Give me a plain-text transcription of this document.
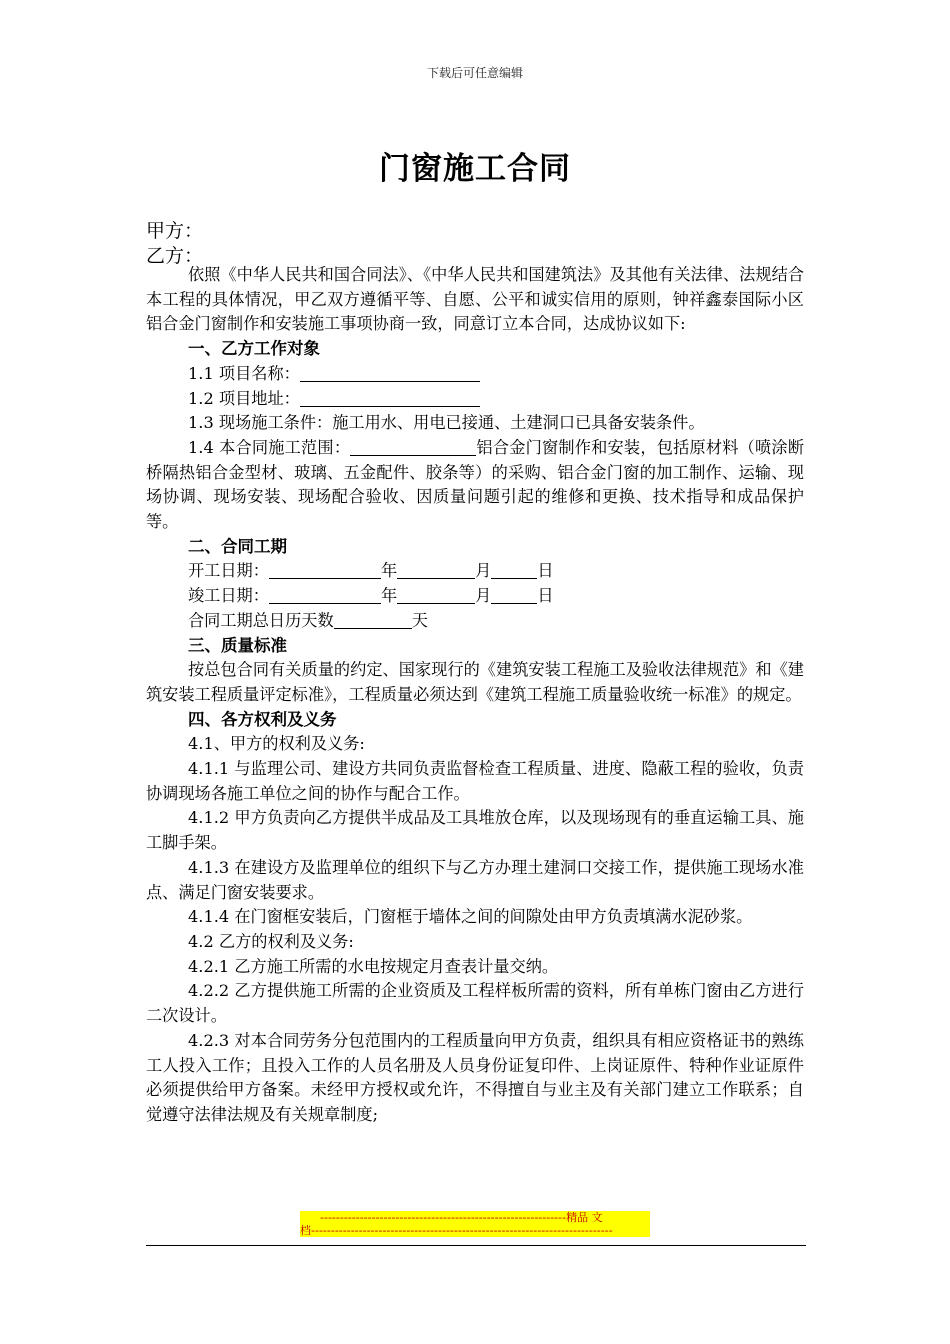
下载后可任意编辑
门窗施工合同
甲方：
乙方：

依照《中华人民共和国合同法》、《中华人民共和国建筑法》及其他有关法律、法规结合本工程的具体情况，甲乙双方遵循平等、自愿、公平和诚实信用的原则，钟祥鑫泰国际小区铝合金门窗制作和安装施工事项协商一致，同意订立本合同，达成协议如下:

一、乙方工作对象

1.1 项目名称：

1.2 项目地址：

1.3 现场施工条件：施工用水、用电已接通、土建洞口已具备安装条件。

1.4 本合同施工范围：	铝合金门窗制作和安装，包括原材料（喷涂断桥隔热铝合金型材、玻璃、五金配件、胶条等）的采购、铝合金门窗的加工制作、运输、现场协调、现场安装、现场配合验收、因质量问题引起的维修和更换、技术指导和成品保护等。

二、合同工期

开工日期：	年	月	日

竣工日期：	年	月	日

合同工期总日历天数	天

三、质量标准

按总包合同有关质量的约定、国家现行的《建筑安装工程施工及验收法律规范》和《建筑安装工程质量评定标准》，工程质量必须达到《建筑工程施工质量验收统一标准》的规定。

四、各方权利及义务

4.1、甲方的权利及义务:

4.1.1 与监理公司、建设方共同负责监督检查工程质量、进度、隐蔽工程的验收，负责协调现场各施工单位之间的协作与配合工作。

4.1.2 甲方负责向乙方提供半成品及工具堆放仓库，以及现场现有的垂直运输工具、施工脚手架。

4.1.3 在建设方及监理单位的组织下与乙方办理土建洞口交接工作，提供施工现场水准点、满足门窗安装要求。

4.1.4 在门窗框安装后，门窗框于墙体之间的间隙处由甲方负责填满水泥砂浆。

4.2 乙方的权利及义务:

4.2.1 乙方施工所需的水电按规定月查表计量交纳。

4.2.2 乙方提供施工所需的企业资质及工程样板所需的资料，所有单栋门窗由乙方进行二次设计。

4.2.3 对本合同劳务分包范围内的工程质量向甲方负责，组织具有相应资格证书的熟练工人投入工作；且投入工作的人员名册及人员身份证复印件、上岗证原件、特种作业证原件必须提供给甲方备案。未经甲方授权或允许，不得擅自与业主及有关部门建立工作联系；自觉遵守法律法规及有关规章制度;

--------------------------------------------------------------精品 文
档----------------------------------------------------------------------------
